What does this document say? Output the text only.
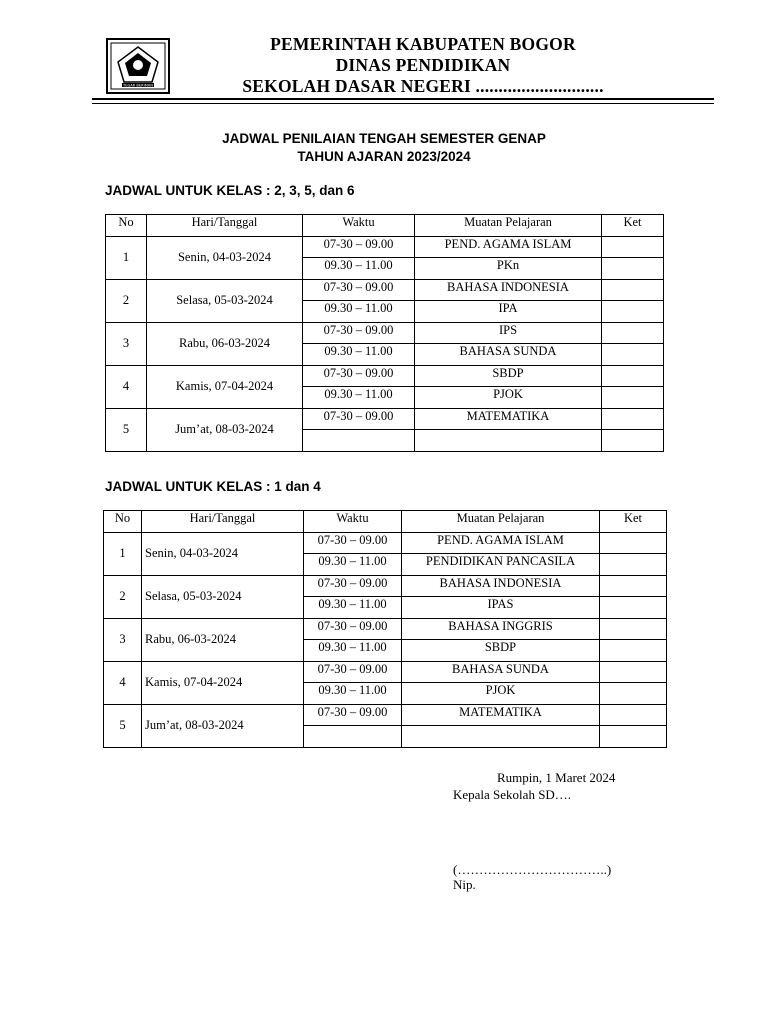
TEGAR BERIMAN
PEMERINTAH KABUPATEN BOGOR
DINAS PENDIDIKAN
SEKOLAH DASAR NEGERI ............................
JADWAL PENILAIAN TENGAH SEMESTER GENAP
TAHUN AJARAN 2023/2024
JADWAL UNTUK KELAS : 2, 3, 5, dan 6
No	Hari/Tanggal	Waktu	Muatan Pelajaran	Ket
1	Senin, 04-03-2024	07-30 – 09.00	PEND. AGAMA ISLAM	
		09.30 – 11.00	PKn	
2	Selasa, 05-03-2024	07-30 – 09.00	BAHASA INDONESIA	
		09.30 – 11.00	IPA	
3	Rabu, 06-03-2024	07-30 – 09.00	IPS	
		09.30 – 11.00	BAHASA SUNDA	
4	Kamis, 07-04-2024	07-30 – 09.00	SBDP	
		09.30 – 11.00	PJOK	
5	Jum’at, 08-03-2024	07-30 – 09.00	MATEMATIKA	

JADWAL UNTUK KELAS : 1 dan 4
No	Hari/Tanggal	Waktu	Muatan Pelajaran	Ket
1	Senin, 04-03-2024	07-30 – 09.00	PEND. AGAMA ISLAM	
		09.30 – 11.00	PENDIDIKAN PANCASILA	
2	Selasa, 05-03-2024	07-30 – 09.00	BAHASA INDONESIA	
		09.30 – 11.00	IPAS	
3	Rabu, 06-03-2024	07-30 – 09.00	BAHASA INGGRIS	
		09.30 – 11.00	SBDP	
4	Kamis, 07-04-2024	07-30 – 09.00	BAHASA SUNDA	
		09.30 – 11.00	PJOK	
5	Jum’at, 08-03-2024	07-30 – 09.00	MATEMATIKA	

Rumpin, 1 Maret 2024
Kepala Sekolah SD….
(……………………………..)
Nip.
